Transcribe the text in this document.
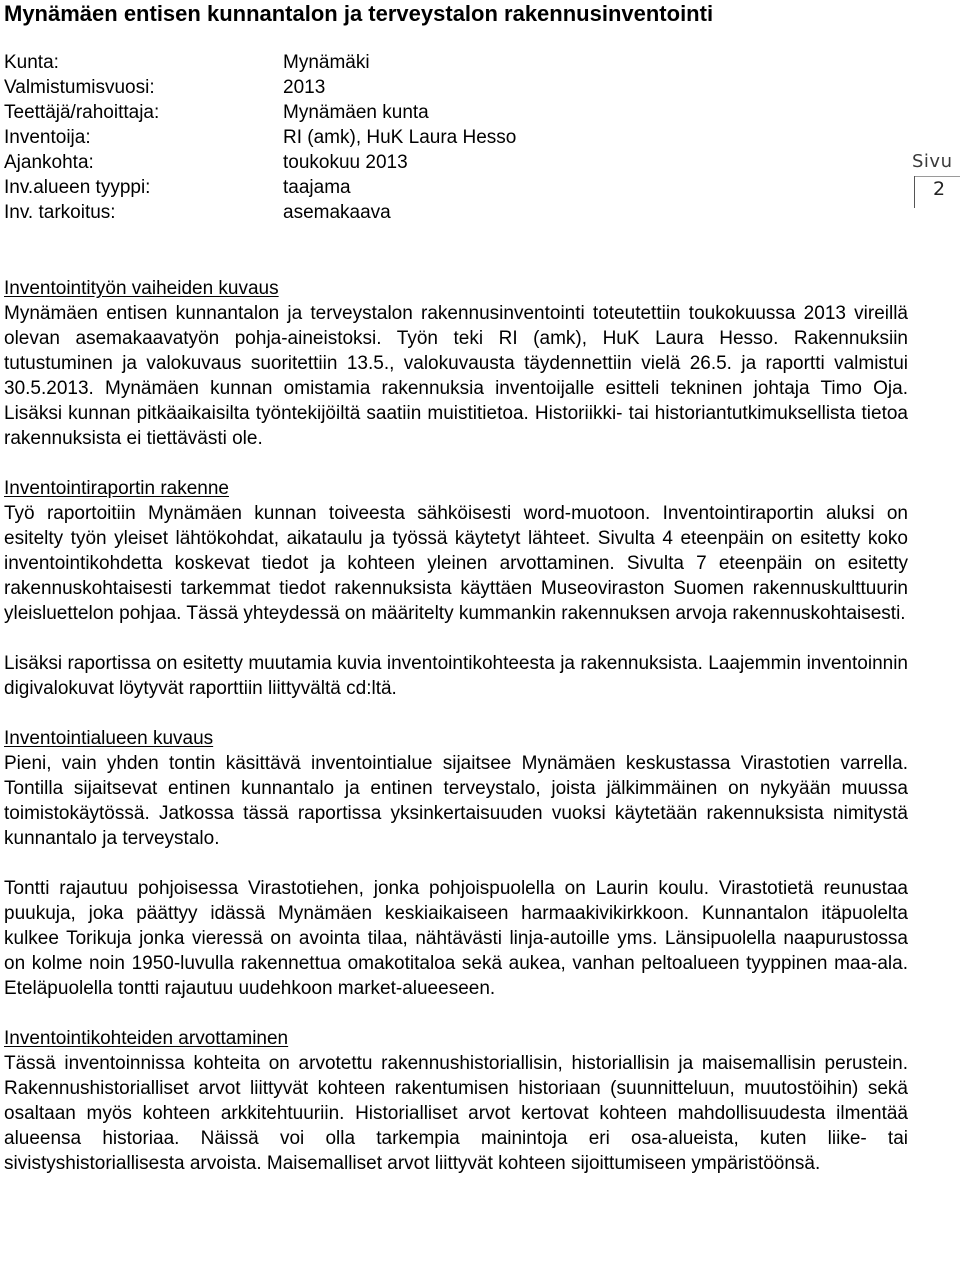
Mynämäen entisen kunnantalon ja terveystalon rakennusinventointi
Kunta:	Mynämäki
Valmistumisvuosi:	2013
Teettäjä/rahoittaja:	Mynämäen kunta
Inventoija:	RI (amk), HuK Laura Hesso
Ajankohta:	toukokuu 2013
Inv.alueen tyyppi:	taajama
Inv. tarkoitus:	asemakaava
Sivu
2
Inventointityön vaiheiden kuvaus

Mynämäen entisen kunnantalon ja terveystalon rakennusinventointi toteutettiin toukokuussa 2013 vireillä olevan asemakaavatyön pohja-aineistoksi. Työn teki RI (amk), HuK Laura Hesso. Rakennuksiin tutustuminen ja valokuvaus suoritettiin 13.5., valokuvausta täydennettiin vielä 26.5. ja raportti valmistui 30.5.2013. Mynämäen kunnan omistamia rakennuksia inventoijalle esitteli tekninen johtaja Timo Oja. Lisäksi kunnan pitkäaikaisilta työntekijöiltä saatiin muistitietoa. Historiikki- tai historiantutkimuksellista tietoa rakennuksista ei tiettävästi ole.

Inventointiraportin rakenne

Työ raportoitiin Mynämäen kunnan toiveesta sähköisesti word-muotoon. Inventointiraportin aluksi on esitelty työn yleiset lähtökohdat, aikataulu ja työssä käytetyt lähteet. Sivulta 4 eteenpäin on esitetty koko inventointikohdetta koskevat tiedot ja kohteen yleinen arvottaminen. Sivulta 7 eteenpäin on esitetty rakennuskohtaisesti tarkemmat tiedot rakennuksista käyttäen Museoviraston Suomen rakennuskulttuurin yleisluettelon pohjaa. Tässä yhteydessä on määritelty kummankin rakennuksen arvoja rakennuskohtaisesti.

Lisäksi raportissa on esitetty muutamia kuvia inventointikohteesta ja rakennuksista. Laajemmin inventoinnin digivalokuvat löytyvät raporttiin liittyvältä cd:ltä.

Inventointialueen kuvaus

Pieni, vain yhden tontin käsittävä inventointialue sijaitsee Mynämäen keskustassa Virastotien varrella. Tontilla sijaitsevat entinen kunnantalo ja entinen terveystalo, joista jälkimmäinen on nykyään muussa toimistokäytössä. Jatkossa tässä raportissa yksinkertaisuuden vuoksi käytetään rakennuksista nimitystä kunnantalo ja terveystalo.

Tontti rajautuu pohjoisessa Virastotiehen, jonka pohjoispuolella on Laurin koulu. Virastotietä reunustaa puukuja, joka päättyy idässä Mynämäen keskiaikaiseen harmaakivikirkkoon. Kunnantalon itäpuolelta kulkee Torikuja jonka vieressä on avointa tilaa, nähtävästi linja-autoille yms. Länsipuolella naapurustossa on kolme noin 1950-luvulla rakennettua omakotitaloa sekä aukea, vanhan peltoalueen tyyppinen maa-ala. Eteläpuolella tontti rajautuu uudehkoon market-alueeseen.

Inventointikohteiden arvottaminen

Tässä inventoinnissa kohteita on arvotettu rakennushistoriallisin, historiallisin ja maisemallisin perustein. Rakennushistorialliset arvot liittyvät kohteen rakentumisen historiaan (suunnitteluun, muutostöihin) sekä osaltaan myös kohteen arkkitehtuuriin. Historialliset arvot kertovat kohteen mahdollisuudesta ilmentää alueensa historiaa. Näissä voi olla tarkempia mainintoja eri osa-alueista, kuten liike- tai sivistyshistoriallisesta arvoista. Maisemalliset arvot liittyvät kohteen sijoittumiseen ympäristöönsä.
